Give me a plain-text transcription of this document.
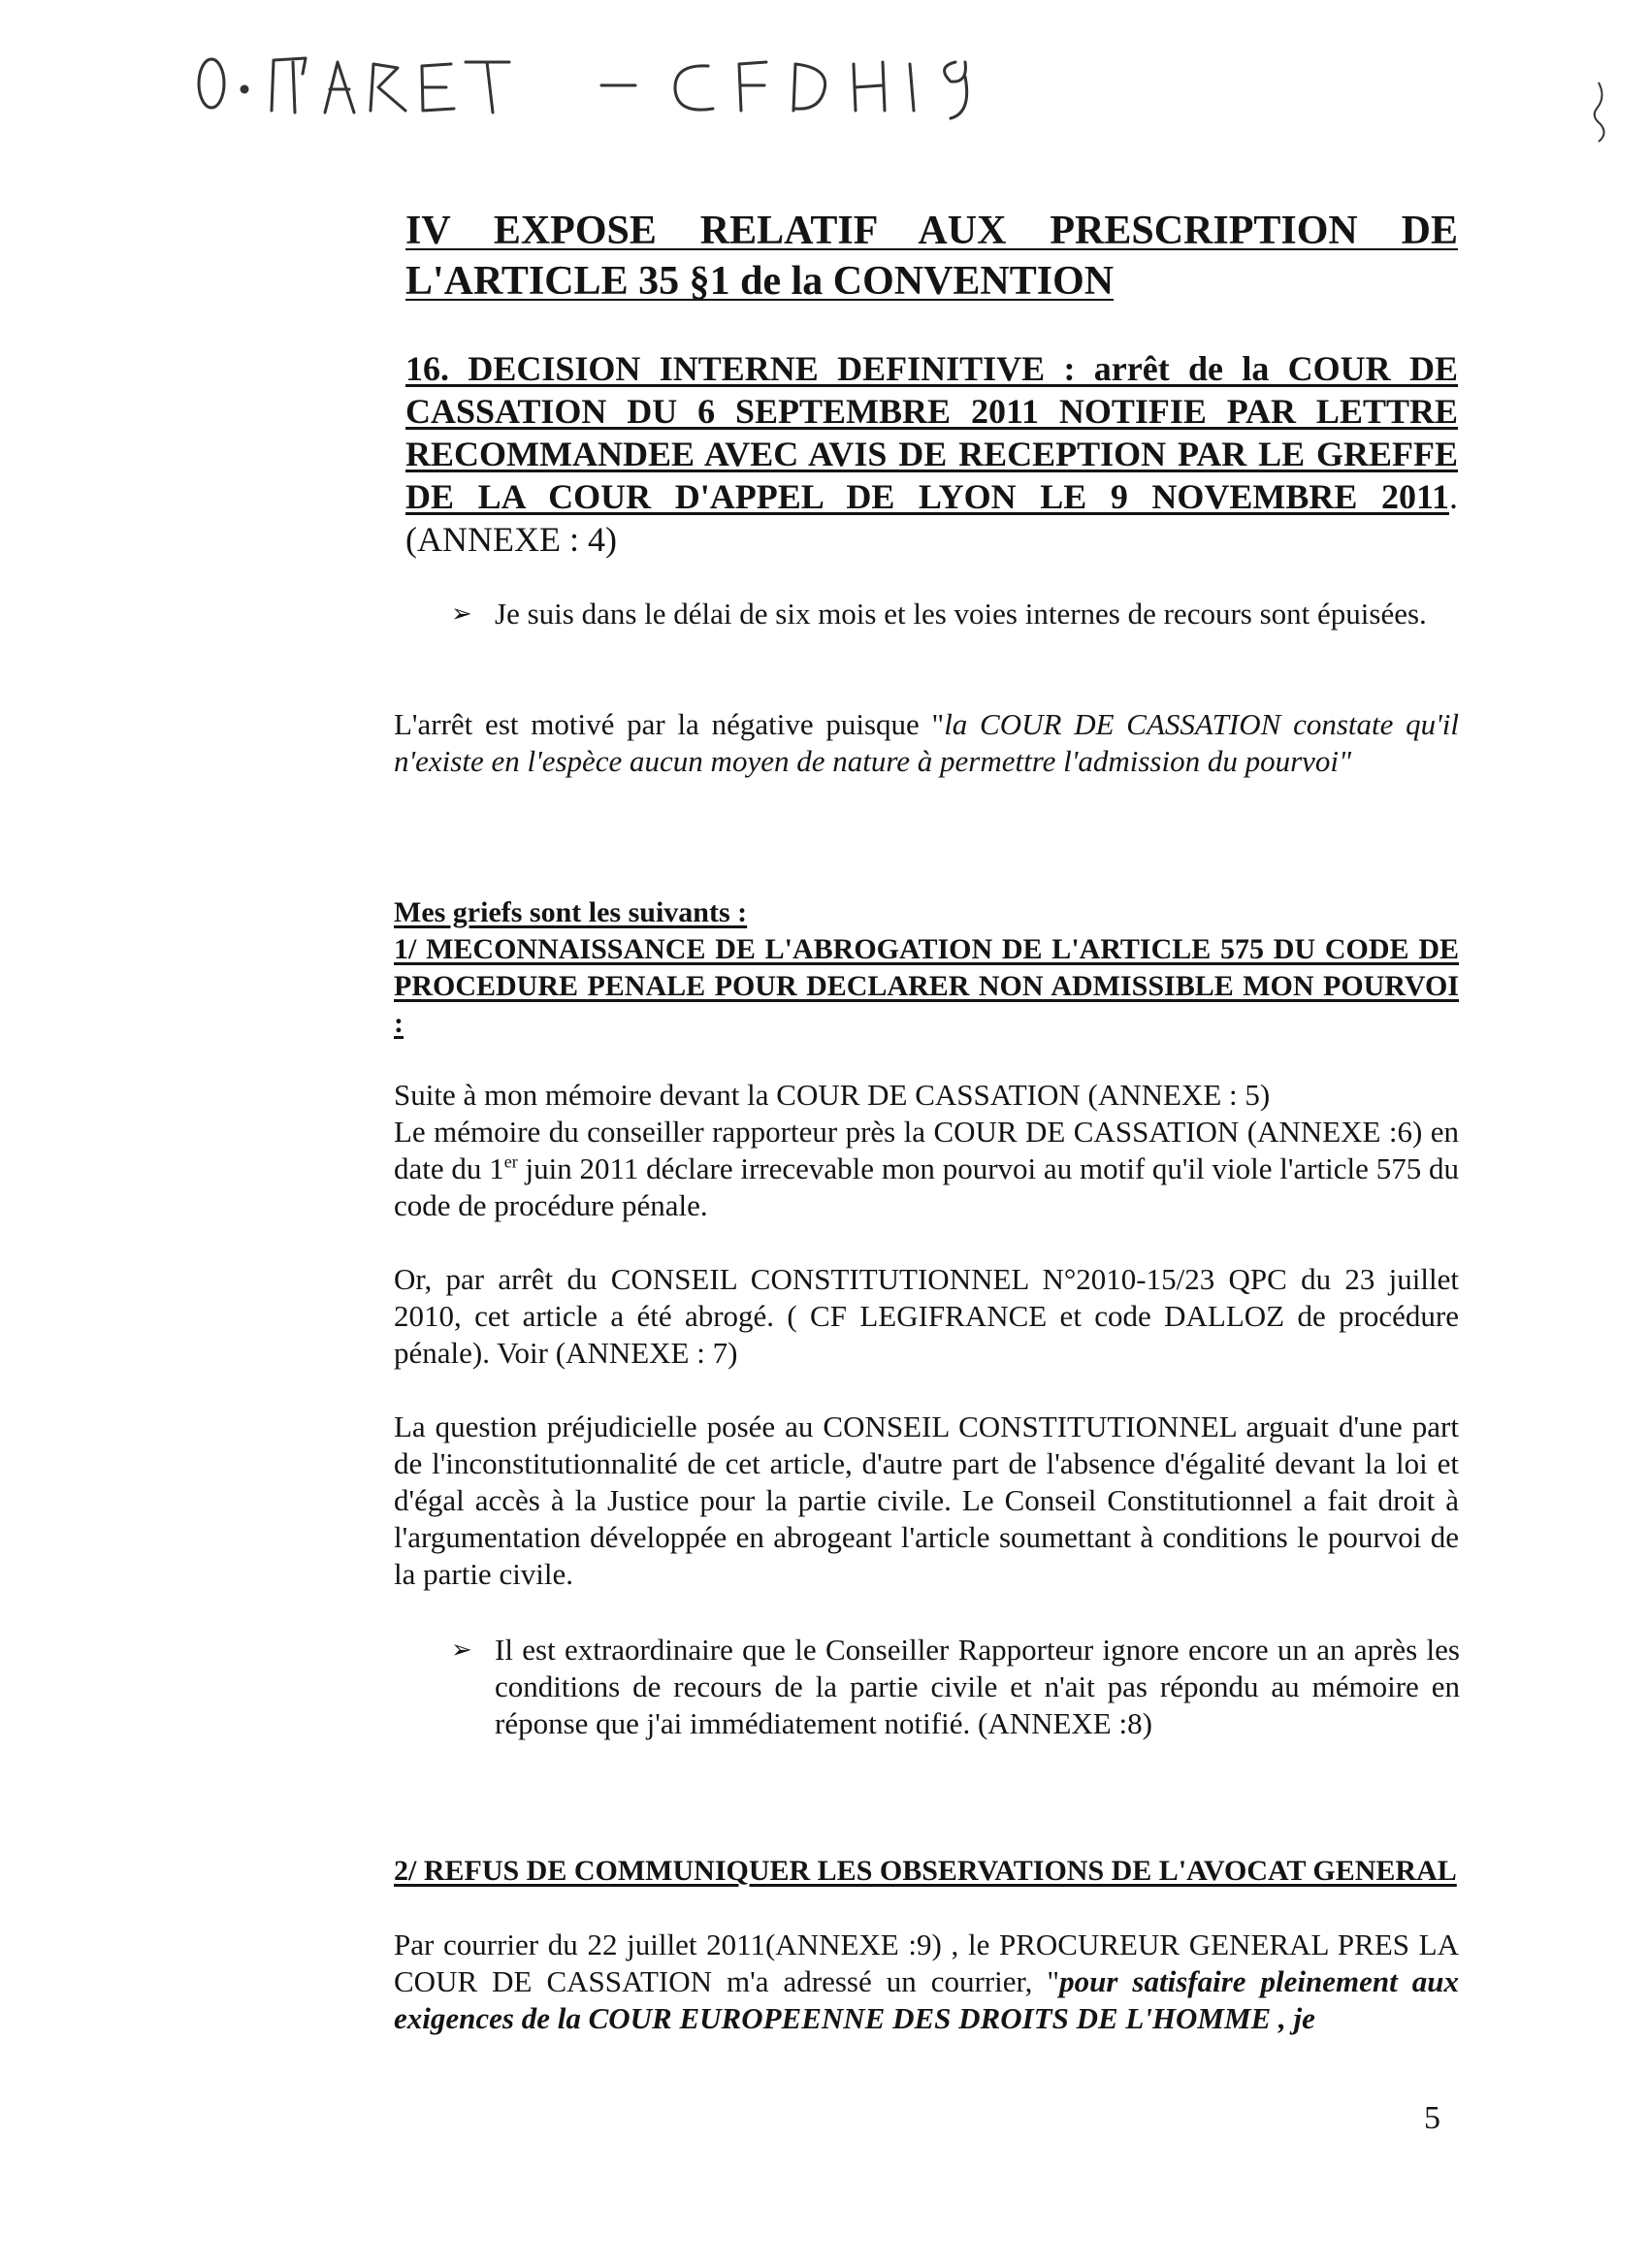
IV EXPOSE RELATIF AUX PRESCRIPTION DE L'ARTICLE 35 §1 de la CONVENTION
16. DECISION INTERNE DEFINITIVE : arrêt de la COUR DE CASSATION DU 6 SEPTEMBRE 2011 NOTIFIE PAR LETTRE RECOMMANDEE AVEC AVIS DE RECEPTION PAR LE GREFFE DE LA COUR D'APPEL DE LYON LE 9 NOVEMBRE 2011. (ANNEXE : 4)
➢ Je suis dans le délai de six mois et les voies internes de recours sont épuisées.

L'arrêt est motivé par la négative puisque "la COUR DE CASSATION constate qu'il n'existe en l'espèce aucun moyen de nature à permettre l'admission du pourvoi"
Mes griefs sont les suivants :
1/ MECONNAISSANCE DE L'ABROGATION DE L'ARTICLE 575 DU CODE DE PROCEDURE PENALE POUR DECLARER NON ADMISSIBLE MON POURVOI :

Suite à mon mémoire devant la COUR DE CASSATION (ANNEXE : 5)

Le mémoire du conseiller rapporteur près la COUR DE CASSATION (ANNEXE :6) en date du 1er juin 2011 déclare irrecevable mon pourvoi au motif qu'il viole l'article 575 du code de procédure pénale.

Or, par arrêt du CONSEIL CONSTITUTIONNEL N°2010-15/23 QPC du 23 juillet 2010, cet article a été abrogé. ( CF LEGIFRANCE et code DALLOZ de procédure pénale). Voir (ANNEXE : 7)

La question préjudicielle posée au CONSEIL CONSTITUTIONNEL arguait d'une part de l'inconstitutionnalité de cet article, d'autre part de l'absence d'égalité devant la loi et d'égal accès à la Justice pour la partie civile. Le Conseil Constitutionnel a fait droit à l'argumentation développée en abrogeant l'article soumettant à conditions le pourvoi de la partie civile.

➢ Il est extraordinaire que le Conseiller Rapporteur ignore encore un an après les conditions de recours de la partie civile et n'ait pas répondu au mémoire en réponse que j'ai immédiatement notifié. (ANNEXE :8)

2/ REFUS DE COMMUNIQUER LES OBSERVATIONS DE L'AVOCAT GENERAL
Par courrier du 22 juillet 2011(ANNEXE :9) , le PROCUREUR GENERAL PRES LA COUR DE CASSATION m'a adressé un courrier, "pour satisfaire pleinement aux exigences de la COUR EUROPEENNE DES DROITS DE L'HOMME , je
5
